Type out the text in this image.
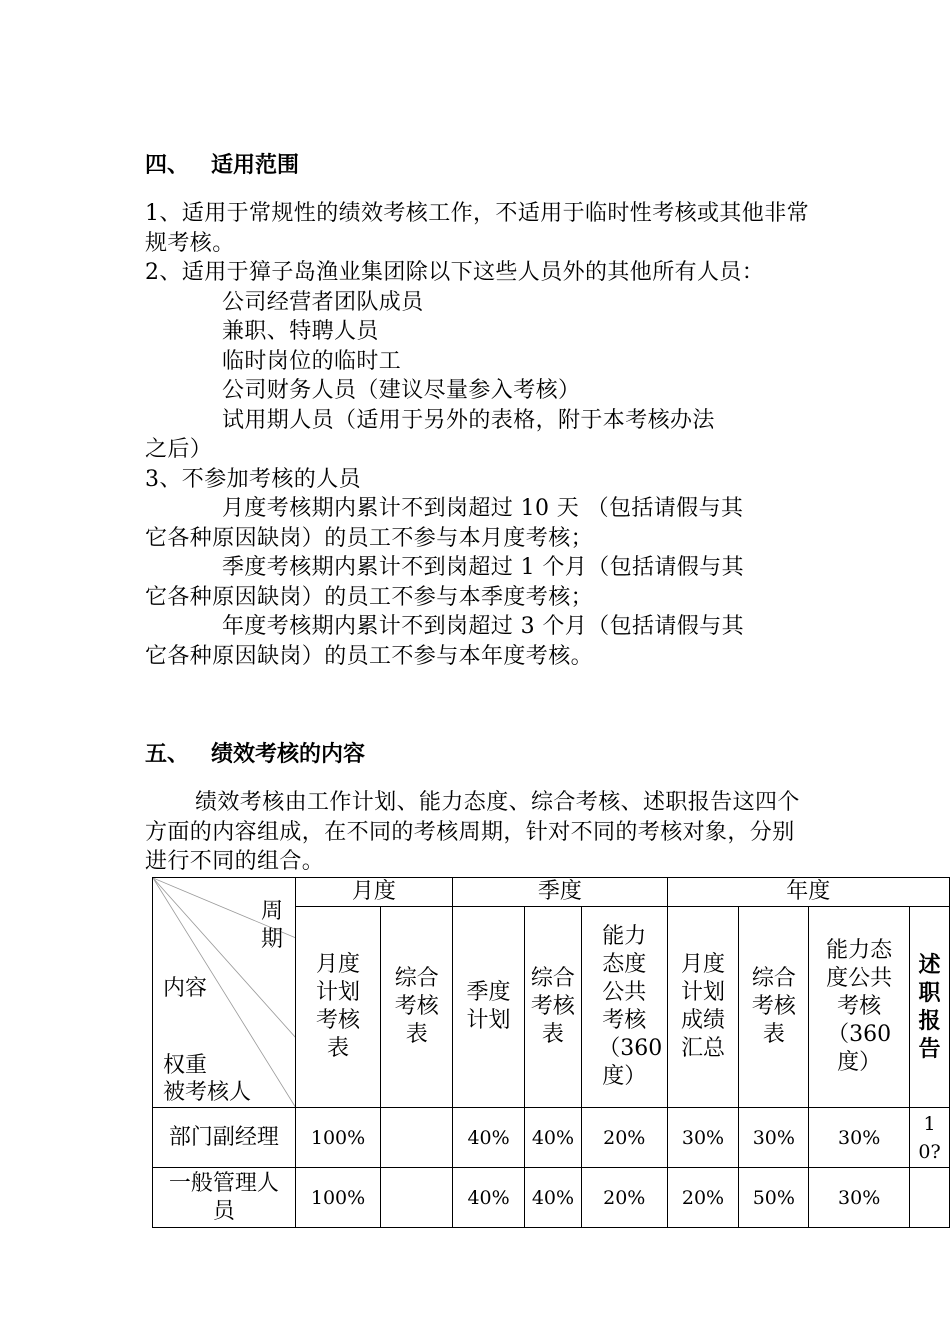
四、 适用范围

1、适用于常规性的绩效考核工作，不适用于临时性考核或其他非常规考核。

2、适用于獐子岛渔业集团除以下这些人员外的其他所有人员：

公司经营者团队成员

兼职、特聘人员

临时岗位的临时工

公司财务人员（建议尽量参入考核）

试用期人员（适用于另外的表格，附于本考核办法

之后）

3、不参加考核的人员

月度考核期内累计不到岗超过 10 天 （包括请假与其

它各种原因缺岗）的员工不参与本月度考核；

季度考核期内累计不到岗超过 1 个月（包括请假与其

它各种原因缺岗）的员工不参与本季度考核；

年度考核期内累计不到岗超过 3 个月（包括请假与其

它各种原因缺岗）的员工不参与本年度考核。

五、 绩效考核的内容
绩效考核由工作计划、能力态度、综合考核、述职报告这四个方面的内容组成，在不同的考核周期，针对不同的考核对象，分别进行不同的组合。
周期
内容
权重
被考核人	月度		季度			年度			

	月度计划考核表	综合考核表	季度计划	综合考核表	能力态度公共考核（360度）	月度计划成绩汇总	综合考核表	能力态度公共考核（360度）	述职报告

部门副经理	100%		40%	40%	20%	30%	30%	30%	10?

一般管理人员	100%		40%	40%	20%	20%	50%	30%	
